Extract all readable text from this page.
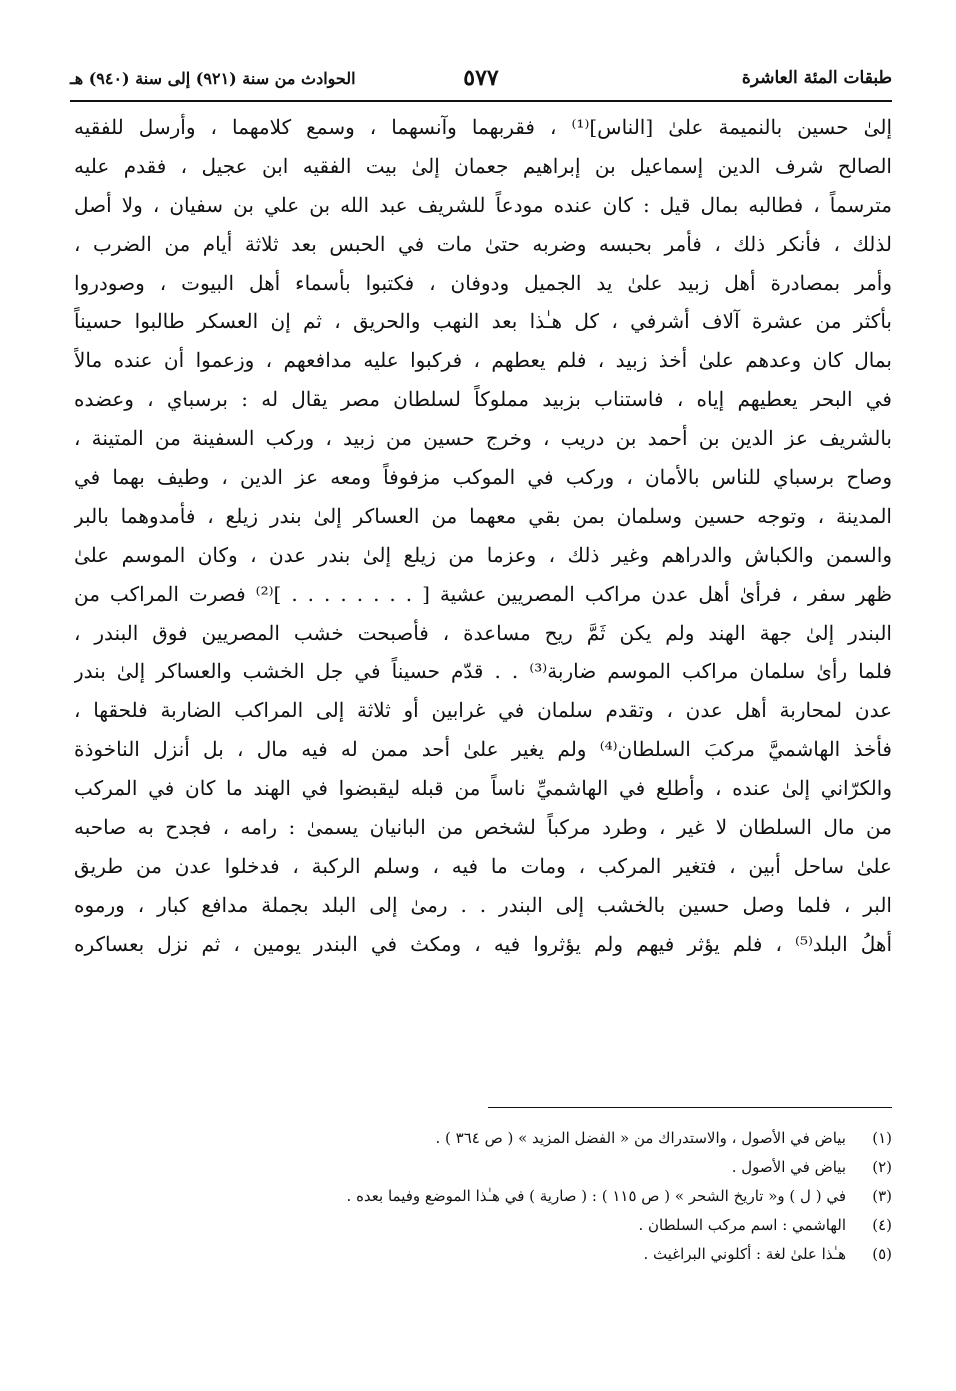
طبقات المئة العاشرة
٥٧٧
الحوادث من سنة (٩٢١) إلى سنة (٩٤٠) هـ
إلىٰ حسين بالنميمة علىٰ [الناس]⁽¹⁾ ، فقربهما وآنسهما ، وسمع كلامهما ، وأرسل للفقيه
الصالح شرف الدين إسماعيل بن إبراهيم جعمان إلىٰ بيت الفقيه ابن عجيل ، فقدم عليه
مترسماً ، فطالبه بمال قيل : كان عنده مودعاً للشريف عبد الله بن علي بن سفيان ، ولا أصل
لذلك ، فأنكر ذلك ، فأمر بحبسه وضربه حتىٰ مات في الحبس بعد ثلاثة أيام من الضرب ،
وأمر بمصادرة أهل زبيد علىٰ يد الجميل ودوفان ، فكتبوا بأسماء أهل البيوت ، وصودروا
بأكثر من عشرة آلاف أشرفي ، كل هـٰذا بعد النهب والحريق ، ثم إن العسكر طالبوا حسيناً
بمال كان وعدهم علىٰ أخذ زبيد ، فلم يعطهم ، فركبوا عليه مدافعهم ، وزعموا أن عنده مالاً
في البحر يعطيهم إياه ، فاستناب بزبيد مملوكاً لسلطان مصر يقال له : برسباي ، وعضده
بالشريف عز الدين بن أحمد بن دريب ، وخرج حسين من زبيد ، وركب السفينة من المتينة ،
وصاح برسباي للناس بالأمان ، وركب في الموكب مزفوفاً ومعه عز الدين ، وطيف بهما في
المدينة ، وتوجه حسين وسلمان بمن بقي معهما من العساكر إلىٰ بندر زيلع ، فأمدوهما بالبر
والسمن والكباش والدراهم وغير ذلك ، وعزما من زيلع إلىٰ بندر عدن ، وكان الموسم علىٰ
ظهر سفر ، فرأىٰ أهل عدن مراكب المصريين عشية [ . . . . . . . . ]⁽²⁾ فصرت المراكب من
البندر إلىٰ جهة الهند ولم يكن ثَمَّ ريح مساعدة ، فأصبحت خشب المصريين فوق البندر ،
فلما رأىٰ سلمان مراكب الموسم ضاربة⁽³⁾ . . قدّم حسيناً في جل الخشب والعساكر إلىٰ بندر
عدن لمحاربة أهل عدن ، وتقدم سلمان في غرابين أو ثلاثة إلى المراكب الضاربة فلحقها ،
فأخذ الهاشميَّ مركبَ السلطان⁽⁴⁾ ولم يغير علىٰ أحد ممن له فيه مال ، بل أنزل الناخوذة
والكرّاني إلىٰ عنده ، وأطلع في الهاشميِّ ناساً من قبله ليقبضوا في الهند ما كان في المركب
من مال السلطان لا غير ، وطرد مركباً لشخص من البانيان يسمىٰ : رامه ، فجدح به صاحبه
علىٰ ساحل أبين ، فتغير المركب ، ومات ما فيه ، وسلم الركبة ، فدخلوا عدن من طريق
البر ، فلما وصل حسين بالخشب إلى البندر . . رمىٰ إلى البلد بجملة مدافع كبار ، ورموه
أهلُ البلد⁽⁵⁾ ، فلم يؤثر فيهم ولم يؤثروا فيه ، ومكث في البندر يومين ، ثم نزل بعساكره
(١)
بياض في الأصول ، والاستدراك من « الفضل المزيد » ( ص ٣٦٤ ) .
(٢)
بياض في الأصول .
(٣)
في ( ل ) و« تاريخ الشحر » ( ص ١١٥ ) : ( صارية ) في هـٰذا الموضع وفيما بعده .
(٤)
الهاشمي : اسم مركب السلطان .
(٥)
هـٰذا علىٰ لغة : أكلوني البراغيث .
